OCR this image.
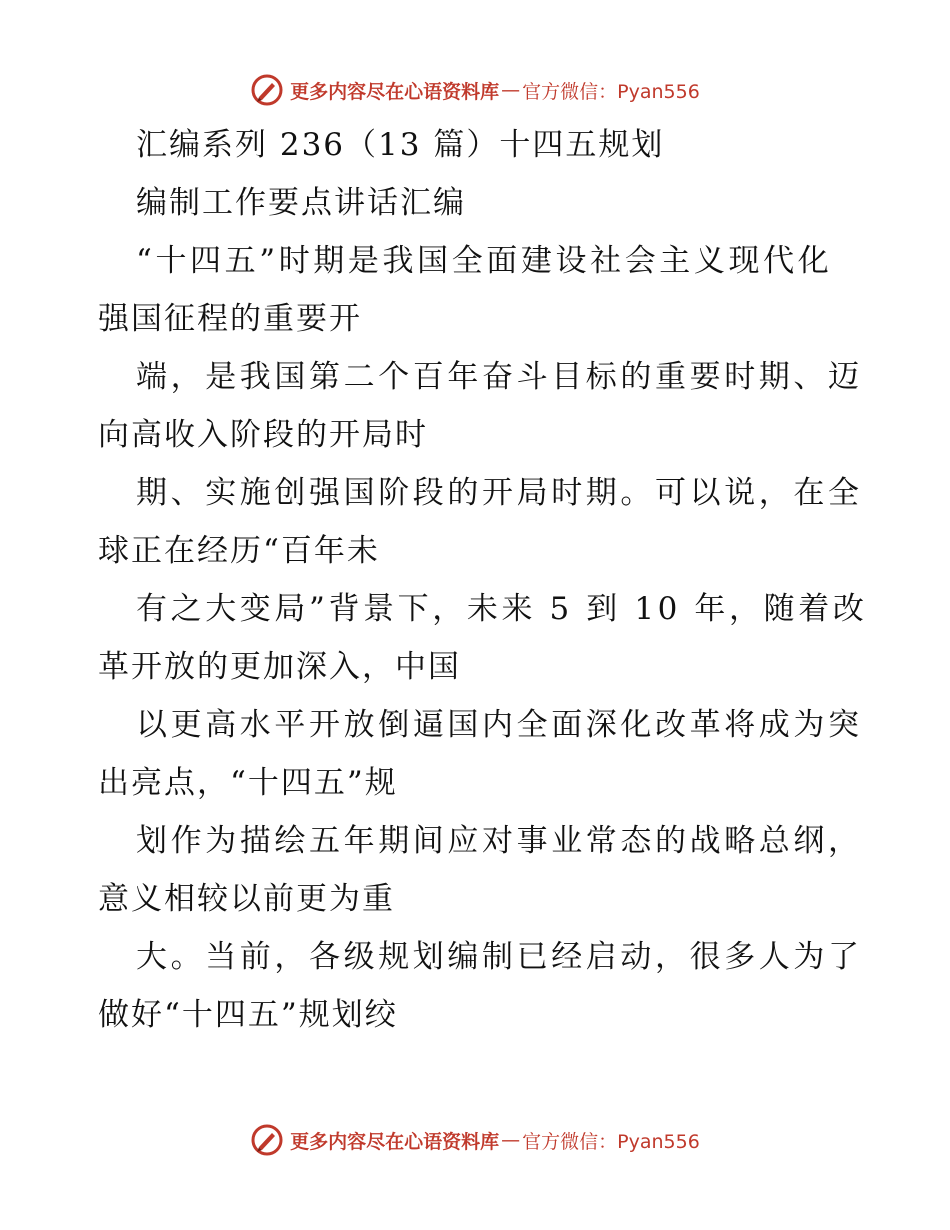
更多内容尽在心语资料库 — 官方微信：Pyan556
汇编系列 236（13 篇）十四五规划
编制工作要点讲话汇编
“十四五”时期是我国全面建设社会主义现代化
强国征程的重要开
端，是我国第二个百年奋斗目标的重要时期、迈
向高收入阶段的开局时
期、实施创强国阶段的开局时期。可以说，在全
球正在经历“百年未
有之大变局”背景下，未来 5 到 10 年，随着改
革开放的更加深入，中国
以更高水平开放倒逼国内全面深化改革将成为突
出亮点，“十四五”规
划作为描绘五年期间应对事业常态的战略总纲，
意义相较以前更为重
大。当前，各级规划编制已经启动，很多人为了
做好“十四五”规划绞
更多内容尽在心语资料库 — 官方微信：Pyan556
